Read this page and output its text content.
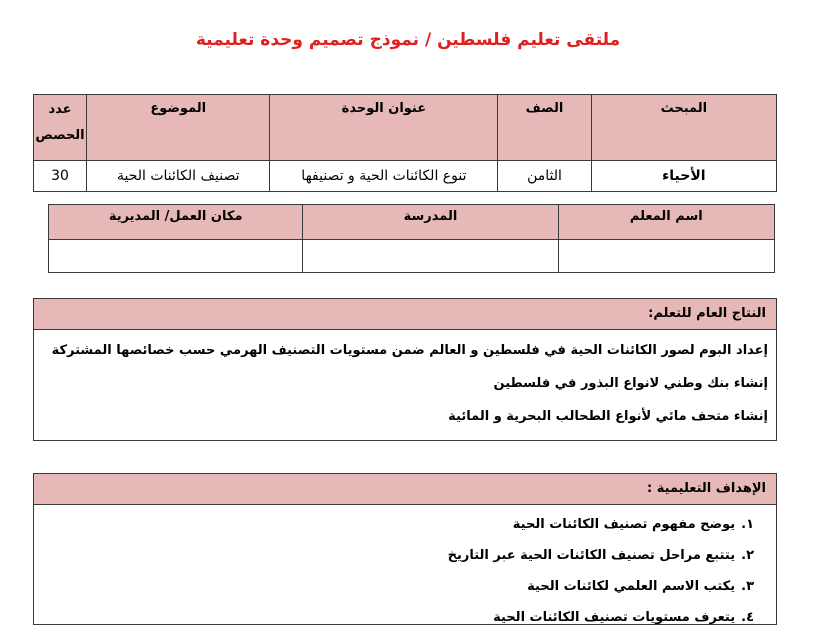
ملتقى تعليم فلسطين / نموذج تصميم وحدة تعليمية
المبحث	الصف	عنوان الوحدة	الموضوع	عدد
الحصص

الأحياء	الثامن	تنوع الكائنات الحية و تصنيفها	تصنيف الكائنات الحية	30
اسم المعلم	المدرسة	مكان العمل/ المديرية

النتاج العام للتعلم:
إعداد البوم لصور الكائنات الحية في فلسطين و العالم ضمن مستويات التصنيف الهرمي حسب خصائصها المشتركة
إنشاء بنك وطني لانواع البذور في فلسطين
إنشاء متحف مائي لأنواع الطحالب البحرية و المائية
الإهداف التعليمية :
١.يوضح مفهوم تصنيف الكائنات الحية
٢.يتتبع مراحل تصنيف الكائنات الحية عبر التاريخ
٣.يكتب الاسم العلمي لكائنات الحية
٤.يتعرف مستويات تصنيف الكائنات الحية
